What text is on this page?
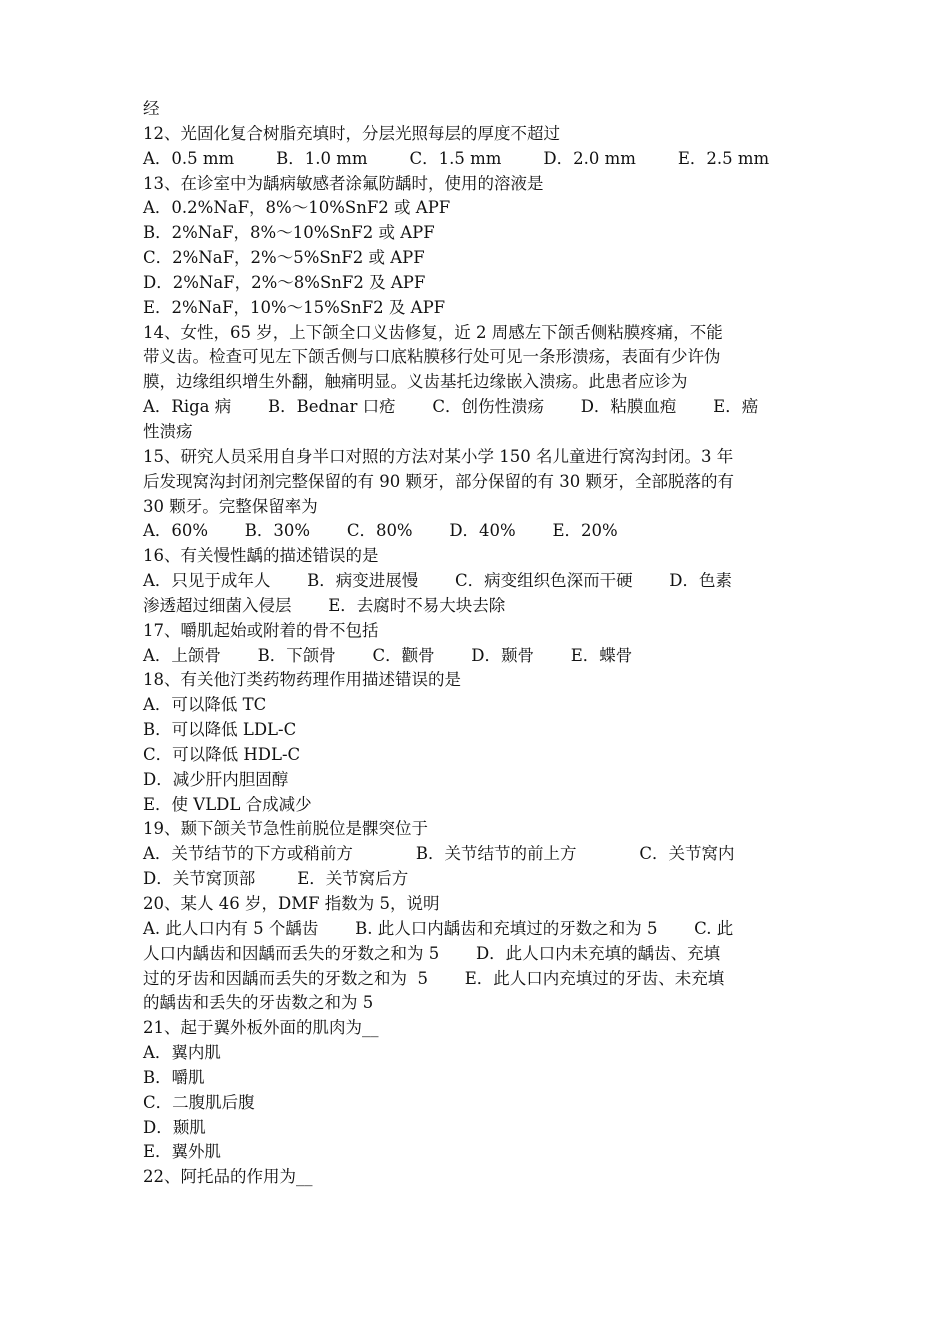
经
12、光固化复合树脂充填时，分层光照每层的厚度不超过
A．0.5 mm        B．1.0 mm        C．1.5 mm        D．2.0 mm        E．2.5 mm
13、在诊室中为龋病敏感者涂氟防龋时，使用的溶液是
A．0.2%NaF，8%～10%SnF2 或 APF
B．2%NaF，8%～10%SnF2 或 APF
C．2%NaF，2%～5%SnF2 或 APF
D．2%NaF，2%～8%SnF2 及 APF
E．2%NaF，10%～15%SnF2 及 APF
14、女性，65 岁，上下颌全口义齿修复，近 2 周感左下颌舌侧粘膜疼痛，不能
带义齿。检查可见左下颌舌侧与口底粘膜移行处可见一条形溃疡，表面有少许伪
膜，边缘组织增生外翻，触痛明显。义齿基托边缘嵌入溃疡。此患者应诊为
A．Riga 病       B．Bednar 口疮       C．创伤性溃疡       D．粘膜血疱       E．癌
性溃疡
15、研究人员采用自身半口对照的方法对某小学 150 名儿童进行窝沟封闭。3 年
后发现窝沟封闭剂完整保留的有 90 颗牙，部分保留的有 30 颗牙，全部脱落的有
30 颗牙。完整保留率为
A．60%       B．30%       C．80%       D．40%       E．20%
16、有关慢性龋的描述错误的是
A．只见于成年人       B．病变进展慢       C．病变组织色深而干硬       D．色素
渗透超过细菌入侵层       E．去腐时不易大块去除
17、嚼肌起始或附着的骨不包括
A．上颌骨       B．下颌骨       C．颧骨       D．颞骨       E．蝶骨
18、有关他汀类药物药理作用描述错误的是
A．可以降低 TC
B．可以降低 LDL-C
C．可以降低 HDL-C
D．减少肝内胆固醇
E．使 VLDL 合成减少
19、颞下颌关节急性前脱位是髁突位于
A．关节结节的下方或稍前方            B．关节结节的前上方            C．关节窝内
D．关节窝顶部        E．关节窝后方
20、某人 46 岁，DMF 指数为 5，说明
A. 此人口内有 5 个龋齿       B. 此人口内龋齿和充填过的牙数之和为 5       C. 此
人口内龋齿和因龋而丢失的牙数之和为 5       D．此人口内未充填的龋齿、充填
过的牙齿和因龋而丢失的牙数之和为  5       E．此人口内充填过的牙齿、未充填
的龋齿和丢失的牙齿数之和为 5
21、起于翼外板外面的肌肉为__
A．翼内肌
B．嚼肌
C．二腹肌后腹
D．颞肌
E．翼外肌
22、阿托品的作用为__
